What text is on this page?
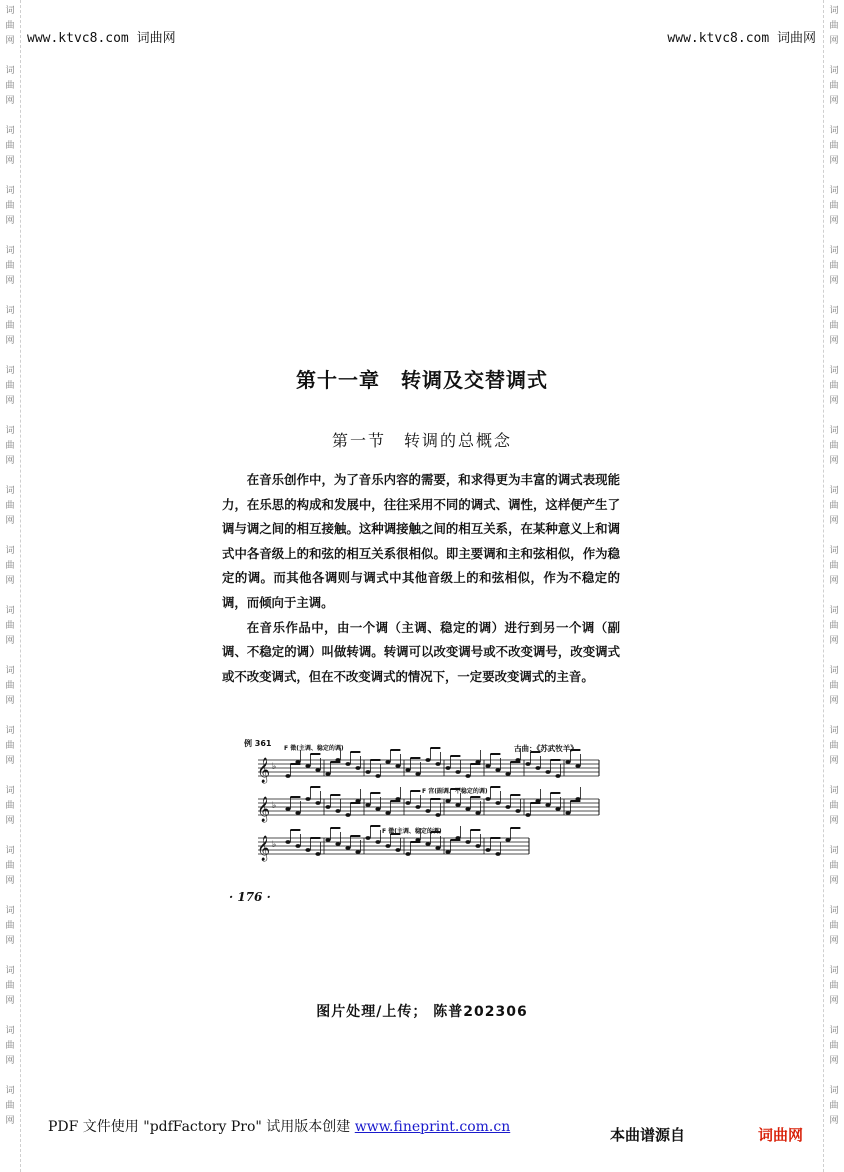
词
曲
网
词
曲
网
词
曲
网
词
曲
网
词
曲
网
词
曲
网
词
曲
网
词
曲
网
词
曲
网
词
曲
网
词
曲
网
词
曲
网
词
曲
网
词
曲
网
词
曲
网
词
曲
网
词
曲
网
词
曲
网
词
曲
网
词
曲
网
词
曲
网
词
曲
网
词
曲
网
词
曲
网
词
曲
网
词
曲
网
词
曲
网
词
曲
网
词
曲
网
词
曲
网
词
曲
网
词
曲
网
词
曲
网
词
曲
网
词
曲
网
词
曲
网
词
曲
网
词
曲
网
www.ktvc8.com 词曲网	www.ktvc8.com 词曲网
第十一章　转调及交替调式
第一节　转调的总概念

在音乐创作中，为了音乐内容的需要，和求得更为丰富的调式表现能力，在乐思的构成和发展中，往往采用不同的调式、调性，这样便产生了调与调之间的相互接触。这种调接触之间的相互关系，在某种意义上和调式中各音级上的和弦的相互关系很相似。即主要调和主和弦相似，作为稳定的调。而其他各调则与调式中其他音级上的和弦相似，作为不稳定的调，而倾向于主调。

在音乐作品中，由一个调（主调、稳定的调）进行到另一个调（副调、不稳定的调）叫做转调。转调可以改变调号或不改变调号，改变调式或不改变调式，但在不改变调式的情况下，一定要改变调式的主音。

例 361
F 徵(主调、稳定的调)	古曲：《苏武牧羊》
F 宫(副调、不稳定的调)
F 徵(主调、稳定的调)
𝄞 ♭
𝄞 ♭
𝄞 ♭
· 176 ·
图片处理/上传； 陈普202306
PDF 文件使用 "pdfFactory Pro" 试用版本创建 www.fineprint.com.cn	本曲谱源自	词曲网
